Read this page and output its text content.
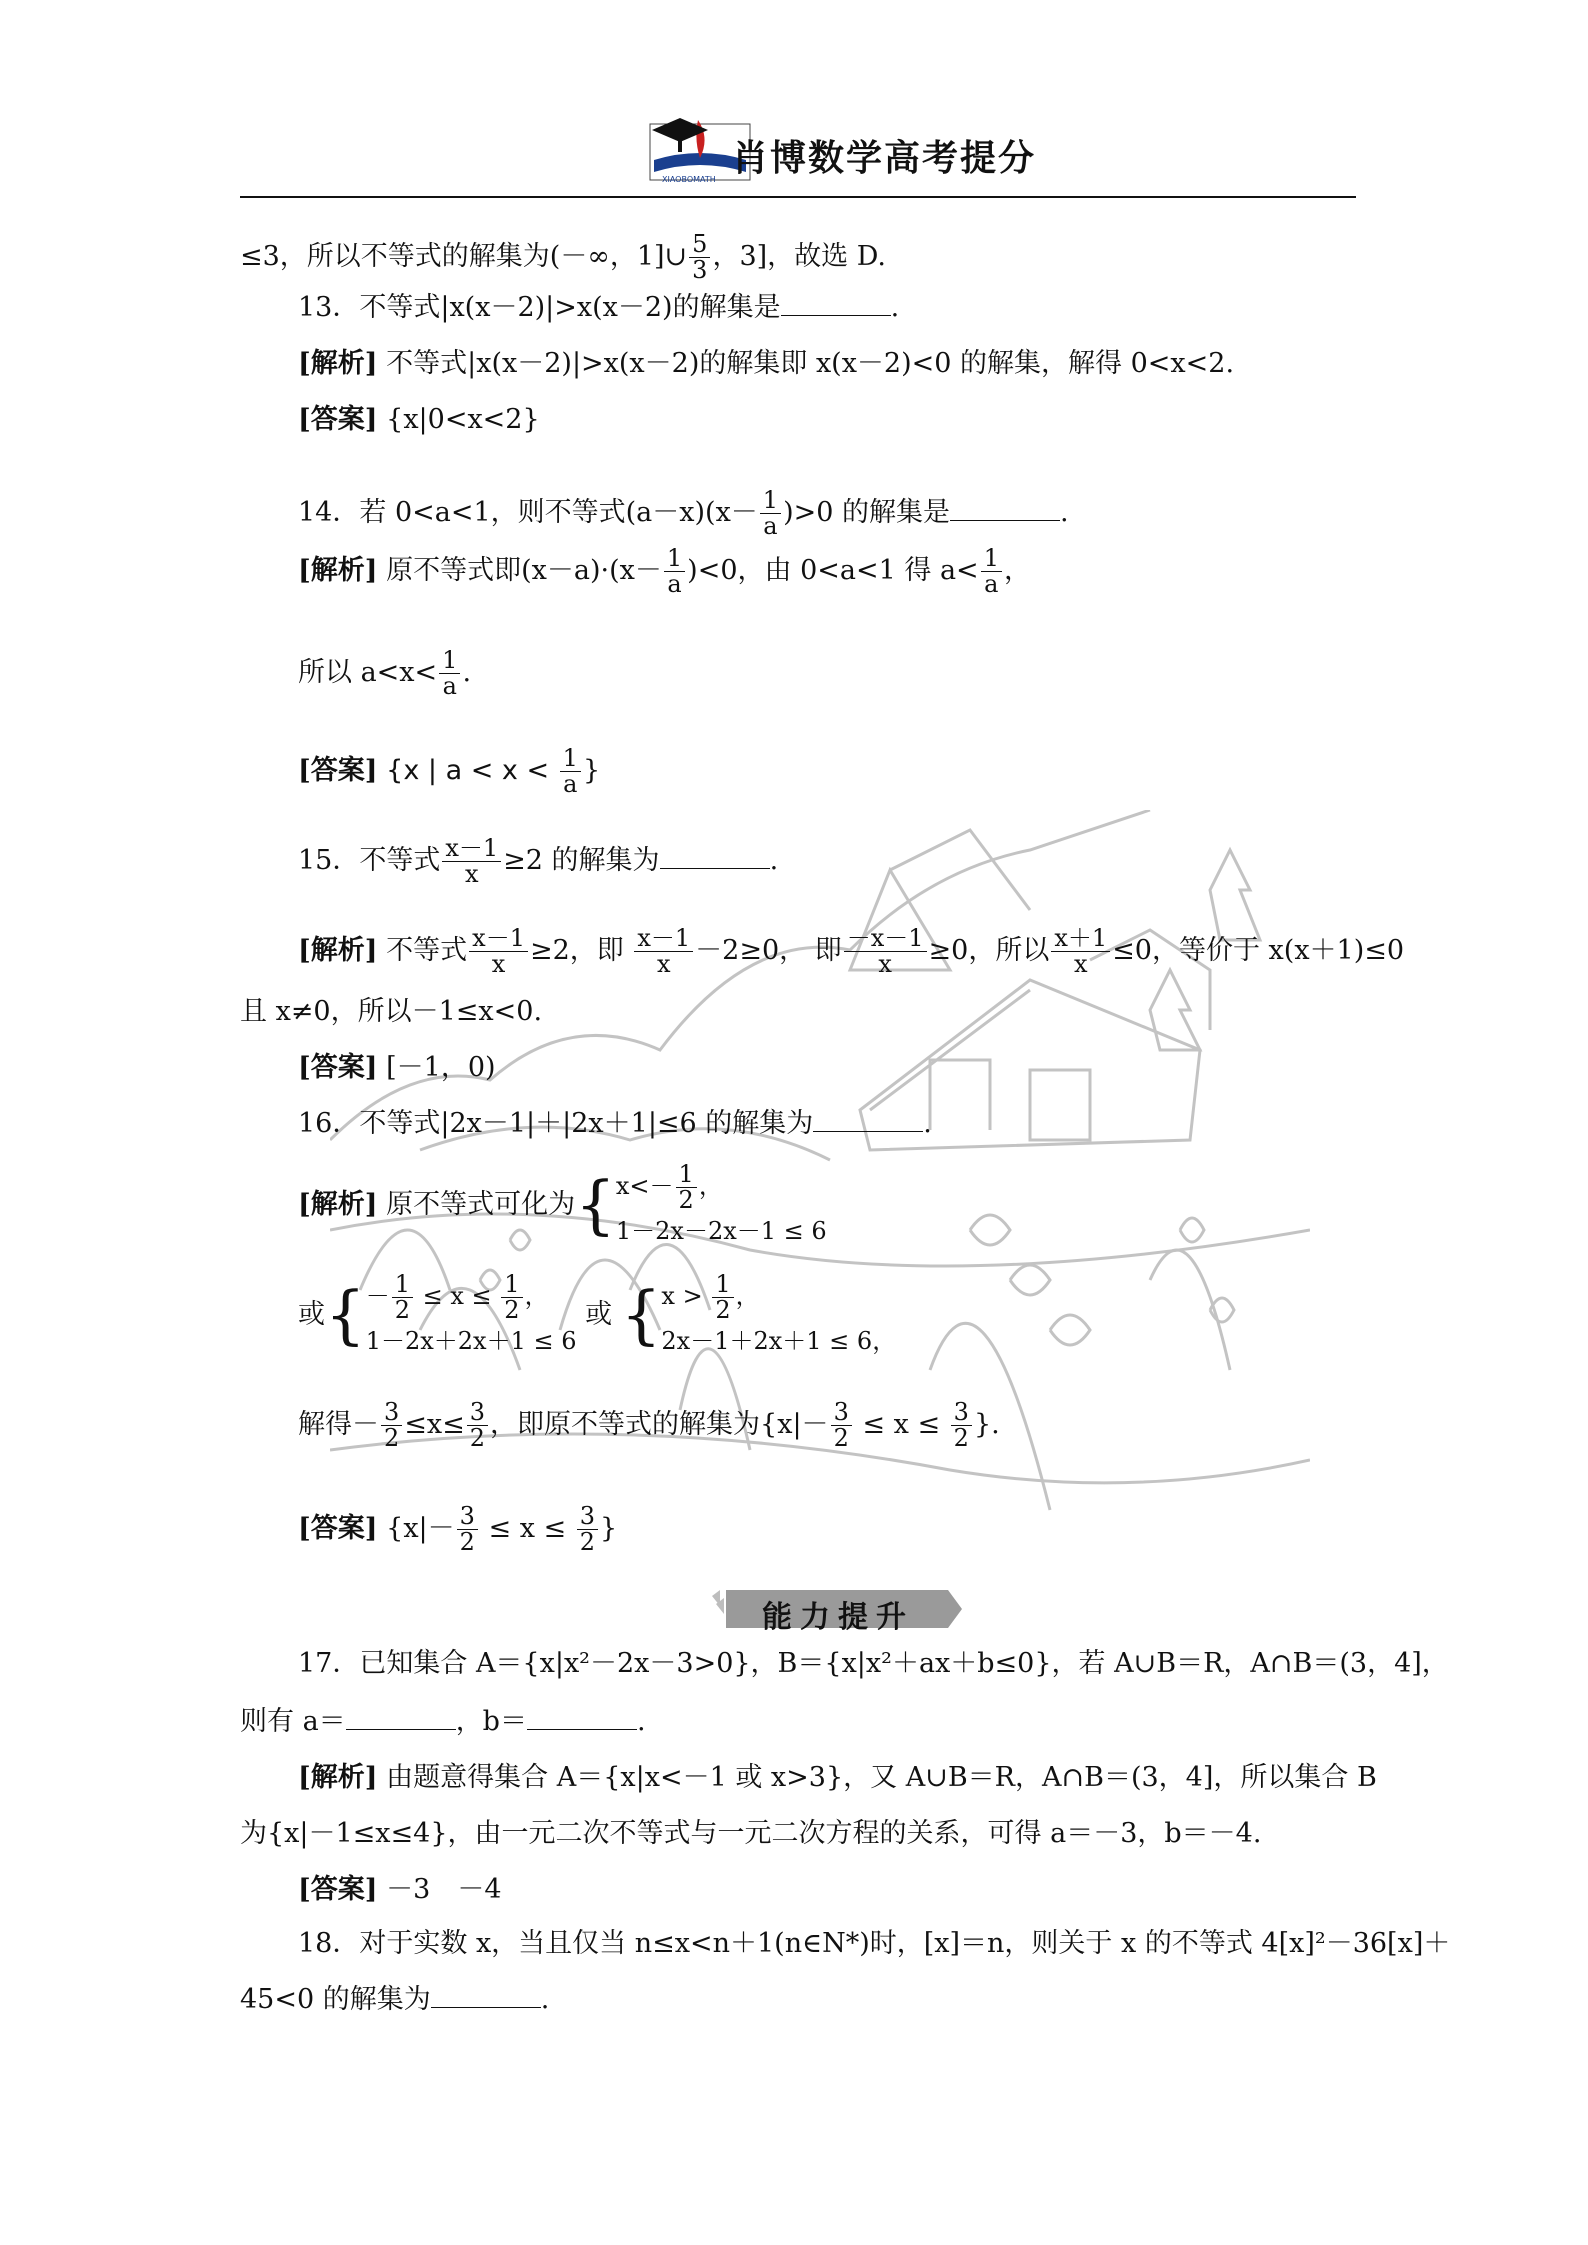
XIAOBOMATH
肖博数学高考提分
≤3，所以不等式的解集为(－∞，1]∪ $\frac{5}{3}$ ，3]，故选 D.
13．不等式|x(x－2)|>x(x－2)的解集是	.
[解析] 不等式|x(x－2)|>x(x－2)的解集即 x(x－2)<0 的解集，解得 0<x<2.
[答案] {x|0<x<2}
14．若 0<a<1，则不等式$(a-x)(x- \frac{1}{a} )>0$ 的解集是	.
[解析] 原不等式即$(x-a)\cdot(x- \frac{1}{a} )<0$，由 0<a<1 得 $a< \frac{1}{a}$ ，
所以 $a<x< \frac{1}{a}$ .
[答案] {x | $a < x < \frac{1}{a}$ }
15．不等式 $\frac{x-1}{x} \ge 2$ 的解集为	.
[解析] 不等式 $\frac{x-1}{x} \ge 2$，即 $\frac{x-1}{x} -2\ge 0$， 即 $\frac{-x-1}{x} \ge 0$，所以 $\frac{x+1}{x} \le 0$，等价于 x(x＋1)≤0
且 x≠0，所以－1≤x<0.
[答案] [－1，0)
16．不等式|2x－1|＋|2x＋1|≤6 的解集为	.
[解析] 原不等式可化为{ $x<- \frac{1}{2}$ ，
1－2x－2x－1 ≤ 6
或{ － $\frac{1}{2} \le x \le \frac{1}{2}$ ，
1－2x＋2x＋1 ≤ 6
或 { $x > \frac{1}{2}$ ，
2x－1＋2x＋1 ≤ 6，
解得－ $\frac{3}{2} \le x\le \frac{3}{2}$ ，即原不等式的解集为{$x|- \frac{3}{2} \le x \le \frac{3}{2}$ }.
[答案] {$x|- \frac{3}{2} \le x \le \frac{3}{2}$ }
能力提升
17．已知集合 A＝{x|x²－2x－3>0}，B＝{x|x²＋ax＋b≤0}，若 A∪B＝R，A∩B＝(3，4]，
则有 a＝	，b＝	.
[解析] 由题意得集合 A＝{x|x<－1 或 x>3}，又 A∪B＝R，A∩B＝(3，4]，所以集合 B
为{x|－1≤x≤4}，由一元二次不等式与一元二次方程的关系，可得 a＝－3，b＝－4.
[答案] －3　－4
18．对于实数 x，当且仅当 n≤x<n＋1(n∈N*)时，[x]＝n，则关于 x 的不等式 4[x]²－36[x]＋
45<0 的解集为	.
